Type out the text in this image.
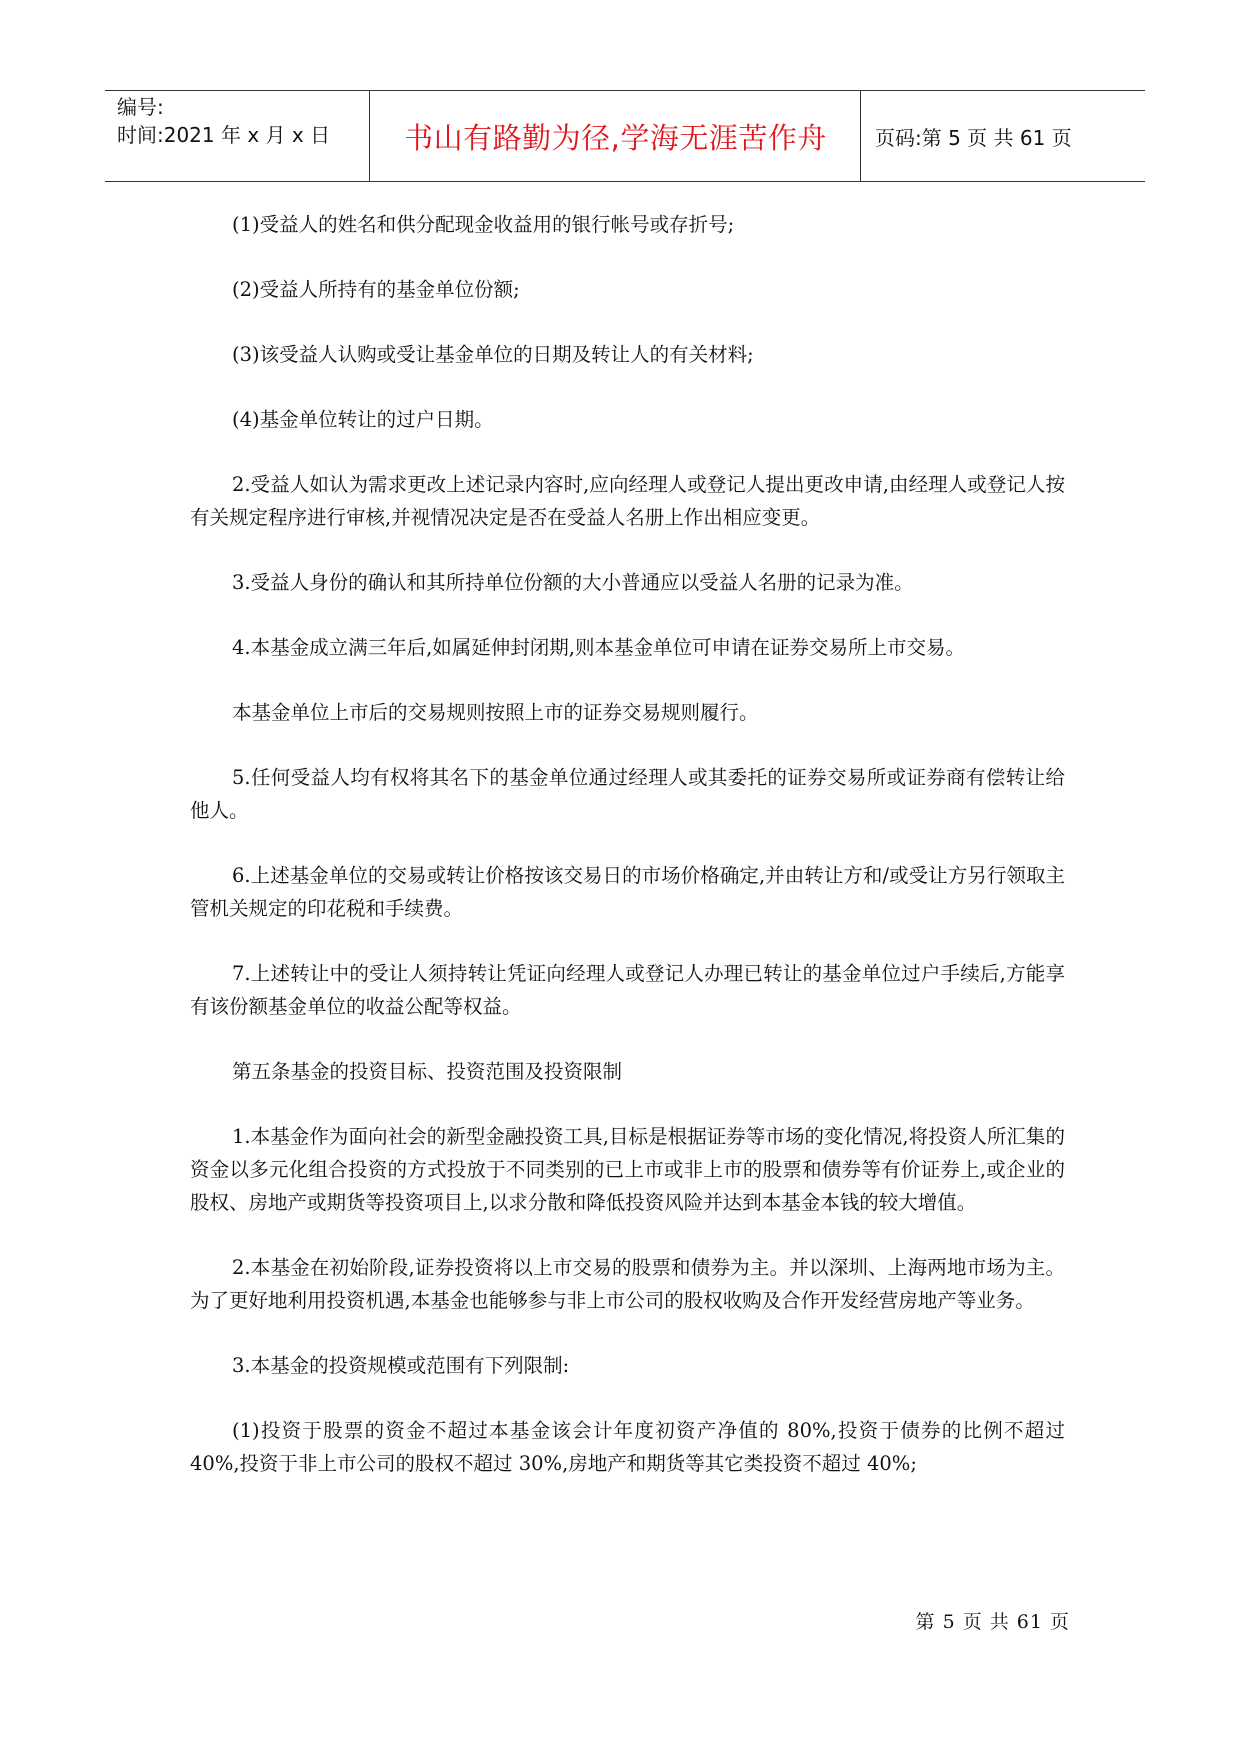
编号:
时间:2021 年 x 月 x 日	书山有路勤为径,学海无涯苦作舟	页码:第 5 页 共 61 页

(1)受益人的姓名和供分配现金收益用的银行帐号或存折号;

(2)受益人所持有的基金单位份额;

(3)该受益人认购或受让基金单位的日期及转让人的有关材料;

(4)基金单位转让的过户日期。

2.受益人如认为需求更改上述记录内容时,应向经理人或登记人提出更改申请,由经理人或登记人按有关规定程序进行审核,并视情况决定是否在受益人名册上作出相应变更。

3.受益人身份的确认和其所持单位份额的大小普通应以受益人名册的记录为准。

4.本基金成立满三年后,如属延伸封闭期,则本基金单位可申请在证券交易所上市交易。

本基金单位上市后的交易规则按照上市的证券交易规则履行。

5.任何受益人均有权将其名下的基金单位通过经理人或其委托的证券交易所或证券商有偿转让给他人。

6.上述基金单位的交易或转让价格按该交易日的市场价格确定,并由转让方和/或受让方另行领取主管机关规定的印花税和手续费。

7.上述转让中的受让人须持转让凭证向经理人或登记人办理已转让的基金单位过户手续后,方能享有该份额基金单位的收益公配等权益。

第五条基金的投资目标、投资范围及投资限制

1.本基金作为面向社会的新型金融投资工具,目标是根据证券等市场的变化情况,将投资人所汇集的资金以多元化组合投资的方式投放于不同类别的已上市或非上市的股票和债券等有价证券上,或企业的股权、房地产或期货等投资项目上,以求分散和降低投资风险并达到本基金本钱的较大增值。

2.本基金在初始阶段,证券投资将以上市交易的股票和债券为主。并以深圳、上海两地市场为主。为了更好地利用投资机遇,本基金也能够参与非上市公司的股权收购及合作开发经营房地产等业务。

3.本基金的投资规模或范围有下列限制:

(1)投资于股票的资金不超过本基金该会计年度初资产净值的 80%,投资于债券的比例不超过 40%,投资于非上市公司的股权不超过 30%,房地产和期货等其它类投资不超过 40%;

第 5 页 共 61 页
